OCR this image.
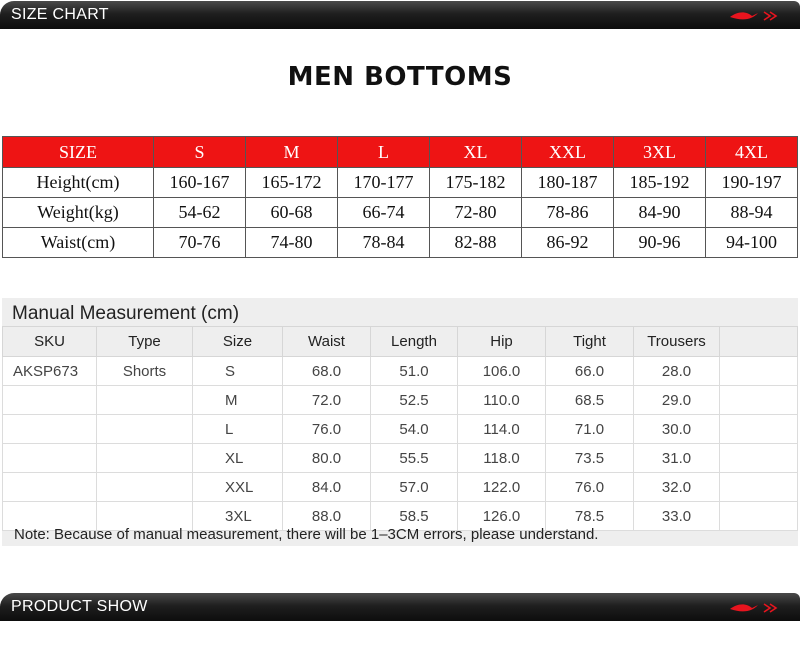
SIZE CHART
MEN BOTTOMS
SIZE	S	M	L	XL	XXL	3XL	4XL
Height(cm)	160-167	165-172	170-177	175-182	180-187	185-192	190-197
Weight(kg)	54-62	60-68	66-74	72-80	78-86	84-90	88-94
Waist(cm)	70-76	74-80	78-84	82-88	86-92	90-96	94-100
Manual Measurement (cm)
SKU	Type	Size	Waist	Length	Hip	Tight	Trousers	
AKSP673	Shorts	S	68.0	51.0	106.0	66.0	28.0	
		M	72.0	52.5	110.0	68.5	29.0	
		L	76.0	54.0	114.0	71.0	30.0	
		XL	80.0	55.5	118.0	73.5	31.0	
		XXL	84.0	57.0	122.0	76.0	32.0	
		3XL	88.0	58.5	126.0	78.5	33.0	
Note: Because of manual measurement, there will be 1–3CM errors, please understand.
PRODUCT SHOW
